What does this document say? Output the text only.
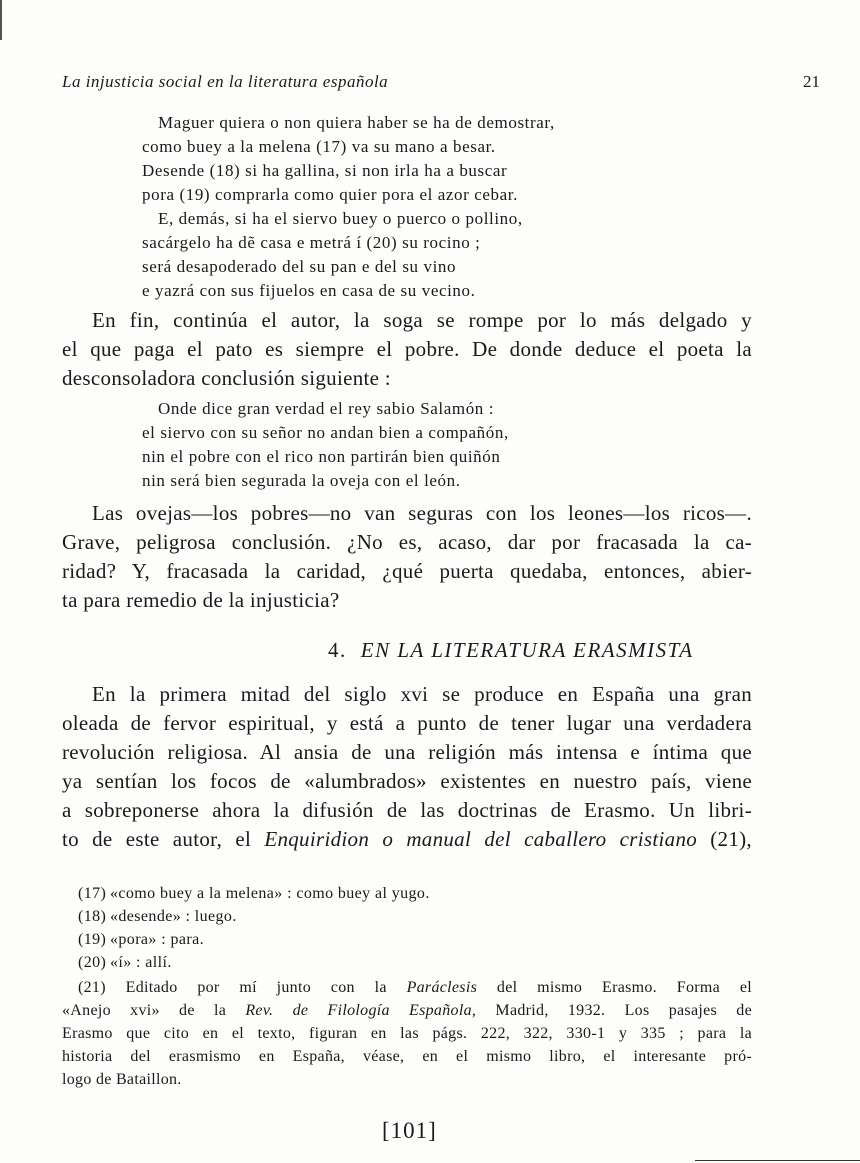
La injusticia social en la literatura española	21
Maguer quiera o non quiera haber se ha de demostrar,
como buey a la melena (17) va su mano a besar.
Desende (18) si ha gallina, si non irla ha a buscar
pora (19) comprarla como quier pora el azor cebar.
E, demás, si ha el siervo buey o puerco o pollino,
sacárgelo ha dẽ casa e metrá í (20) su rocino ;
será desapoderado del su pan e del su vino
e yazrá con sus fijuelos en casa de su vecino.
En fin, continúa el autor, la soga se rompe por lo más delgado y
el que paga el pato es siempre el pobre. De donde deduce el poeta la
desconsoladora conclusión siguiente :
Onde dice gran verdad el rey sabio Salamón :
el siervo con su señor no andan bien a compañón,
nin el pobre con el rico non partirán bien quiñón
nin será bien segurada la oveja con el león.
Las ovejas—los pobres—no van seguras con los leones—los ricos—.
Grave, peligrosa conclusión. ¿No es, acaso, dar por fracasada la ca-
ridad? Y, fracasada la caridad, ¿qué puerta quedaba, entonces, abier-
ta para remedio de la injusticia?
4. EN LA LITERATURA ERASMISTA
En la primera mitad del siglo xvi se produce en España una gran
oleada de fervor espiritual, y está a punto de tener lugar una verdadera
revolución religiosa. Al ansia de una religión más intensa e íntima que
ya sentían los focos de «alumbrados» existentes en nuestro país, viene
a sobreponerse ahora la difusión de las doctrinas de Erasmo. Un libri-
to de este autor, el Enquiridion o manual del caballero cristiano (21),
(17) «como buey a la melena» : como buey al yugo.
(18) «desende» : luego.
(19) «pora» : para.
(20) «í» : allí.
(21) Editado por mí junto con la Paráclesis del mismo Erasmo. Forma el
«Anejo xvi» de la Rev. de Filología Española, Madrid, 1932. Los pasajes de
Erasmo que cito en el texto, figuran en las págs. 222, 322, 330-1 y 335 ; para la
historia del erasmismo en España, véase, en el mismo libro, el interesante pró-
logo de Bataillon.
[101]
